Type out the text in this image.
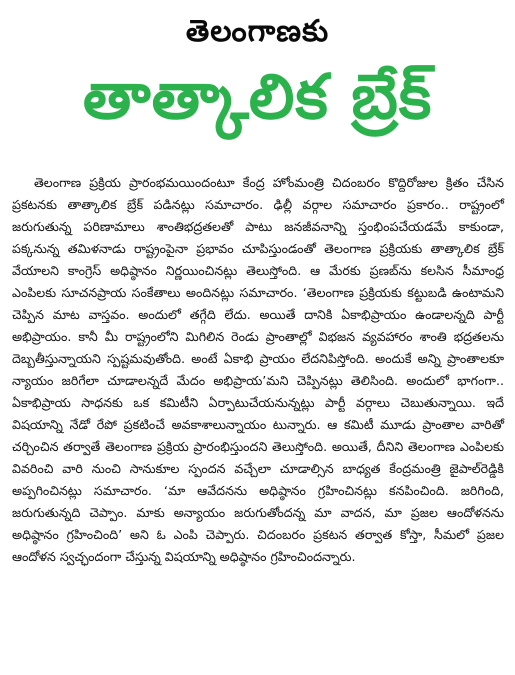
తెలంగాణకు
తాత్కాలిక బ్రేక్

తెలంగాణ ప్రక్రియ ప్రారంభమయిందంటూ కేంద్ర హోంమంత్రి చిదంబరం కొద్దిరోజుల క్రితం చేసిన ప్రకటనకు తాత్కాలిక బ్రేక్ పడినట్లు సమాచారం. ఢిల్లీ వర్గాల సమాచారం ప్రకారం.. రాష్ట్రంలో జరుగుతున్న పరిణామాలు శాంతిభద్రతలతో పాటు జనజీవనాన్ని స్తంభింపచేయడమే కాకుండా, పక్కనున్న తమిళనాడు రాష్ట్రంపైనా ప్రభావం చూపిస్తుండంతో తెలంగాణ ప్రక్రియకు తాత్కాలిక బ్రేక్ వేయాలని కాంగ్రెస్ అధిష్ఠానం నిర్ణయించినట్లు తెలుస్తోంది. ఆ మేరకు ప్రణబ్‌ను కలసిన సీమాంధ్ర ఎంపిలకు సూచనప్రాయ సంకేతాలు అందినట్లు సమాచారం. ‘తెలంగాణ ప్రక్రియకు కట్టుబడి ఉంటామని చెప్పిన మాట వాస్తవం. అందులో తగ్గేది లేదు. అయితే దానికి ఏకాభిప్రాయం ఉండాలన్నది పార్టీ అభిప్రాయం. కానీ మీ రాష్ట్రంలోని మిగిలిన రెండు ప్రాంతాల్లో విభజన వ్యవహారం శాంతి భద్రతలను దెబ్బతీస్తున్నాయని స్పష్టమవుతోంది. అంటే ఏకాభి ప్రాయం లేదనిపిస్తోంది. అందుకే అన్ని ప్రాంతాలకూ న్యాయం జరిగేలా చూడాలన్నదే మేదం అభిప్రాయ’మని చెప్పినట్లు తెలిసింది. అందులో భాగంగా.. ఏకాభిప్రాయ సాధనకు ఒక కమిటీని ఏర్పాటుచేయనున్నట్లు పార్టీ వర్గాలు చెబుతున్నాయి. ఇదే విషయాన్ని నేడో రేపో ప్రకటించే అవకాశాలున్నాయం టున్నారు. ఆ కమిటీ మూడు ప్రాంతాల వారితో చర్చించిన తర్వాతే తెలంగాణ ప్రక్రియ ప్రారంభిస్తుందని తెలుస్తోంది. అయితే, దీనిని తెలంగాణ ఎంపిలకు వివరించి వారి నుంచి సానుకూల స్పందన వచ్చేలా చూడాల్సిన బాధ్యత కేంద్రమంత్రి జైపాల్‌రెడ్డికి అప్పగించినట్లు సమాచారం. ‘మా ఆవేదనను అధిష్ఠానం గ్రహించినట్లు కనపించింది. జరిగింది, జరుగుతున్నది చెప్పాం. మాకు అన్యాయం జరుగుతోందన్న మా వాదన, మా ప్రజల ఆందోళనను అధిష్ఠానం గ్రహించింది’ అని ఓ ఎంపి చెప్పారు. చిదంబరం ప్రకటన తర్వాత కోస్తా, సీమలో ప్రజల ఆందోళన స్వచ్ఛందంగా చేస్తున్న విషయాన్ని అధిష్ఠానం గ్రహించిందన్నారు.
